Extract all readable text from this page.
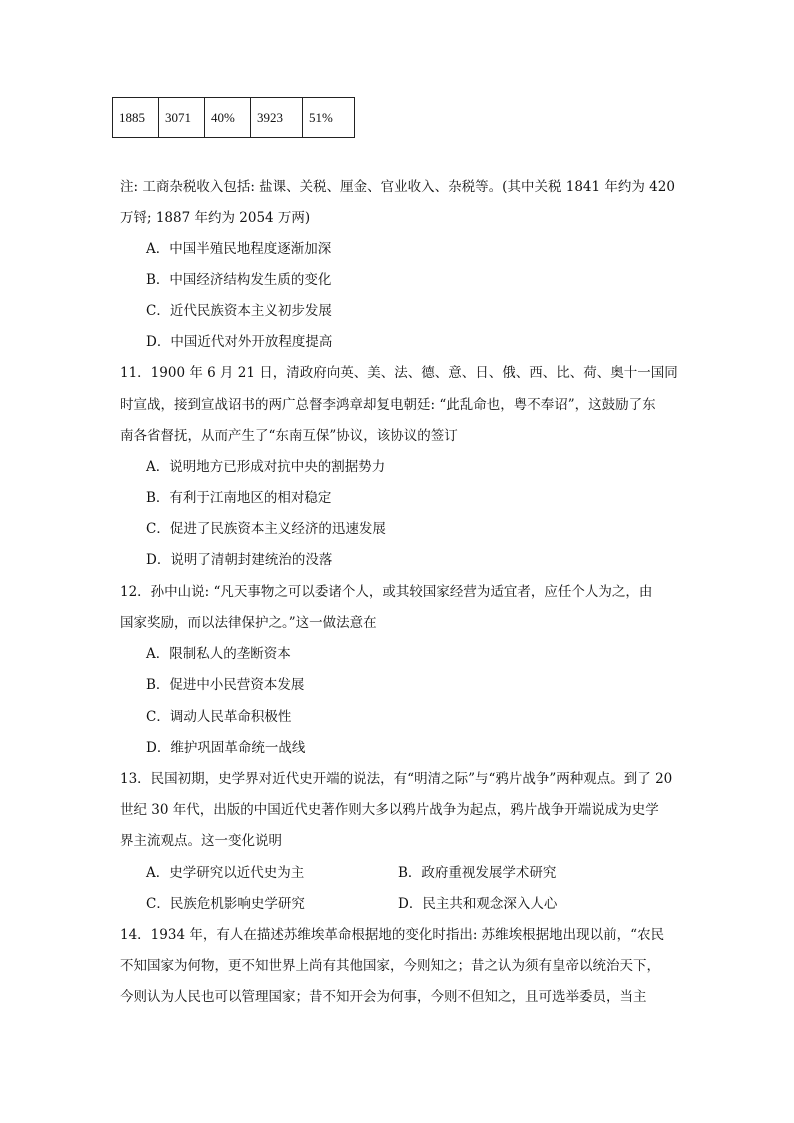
1885	3071	40%	3923	51%
注: 工商杂税收入包括: 盐课、关税、厘金、官业收入、杂税等。(其中关税 1841 年约为 420
万锊; 1887 年约为 2054 万两)
A．中国半殖民地程度逐渐加深
B．中国经济结构发生质的变化
C．近代民族资本主义初步发展
D．中国近代对外开放程度提高
11．1900 年 6 月 21 日，清政府向英、美、法、德、意、日、俄、西、比、荷、奥十一国同
时宣战，接到宣战诏书的两广总督李鸿章却复电朝廷: “此乱命也，粤不奉诏”，这鼓励了东
南各省督抚，从而产生了“东南互保”协议，该协议的签订
A．说明地方已形成对抗中央的割据势力
B．有利于江南地区的相对稳定
C．促进了民族资本主义经济的迅速发展
D．说明了清朝封建统治的没落
12．孙中山说: “凡天事物之可以委诸个人，或其较国家经营为适宜者，应任个人为之，由
国家奖励，而以法律保护之。”这一做法意在
A．限制私人的垄断资本
B．促进中小民营资本发展
C．调动人民革命积极性
D．维护巩固革命统一战线
13．民国初期，史学界对近代史开端的说法，有“明清之际”与“鸦片战争”两种观点。到了 20
世纪 30 年代，出版的中国近代史著作则大多以鸦片战争为起点，鸦片战争开端说成为史学
界主流观点。这一变化说明
A．史学研究以近代史为主	B．政府重视发展学术研究
C．民族危机影响史学研究	D．民主共和观念深入人心
14．1934 年，有人在描述苏维埃革命根据地的变化时指出: 苏维埃根据地出现以前，“农民
不知国家为何物，更不知世界上尚有其他国家，今则知之；昔之认为须有皇帝以统治天下，
今则认为人民也可以管理国家；昔不知开会为何事，今则不但知之，且可选举委员，当主
